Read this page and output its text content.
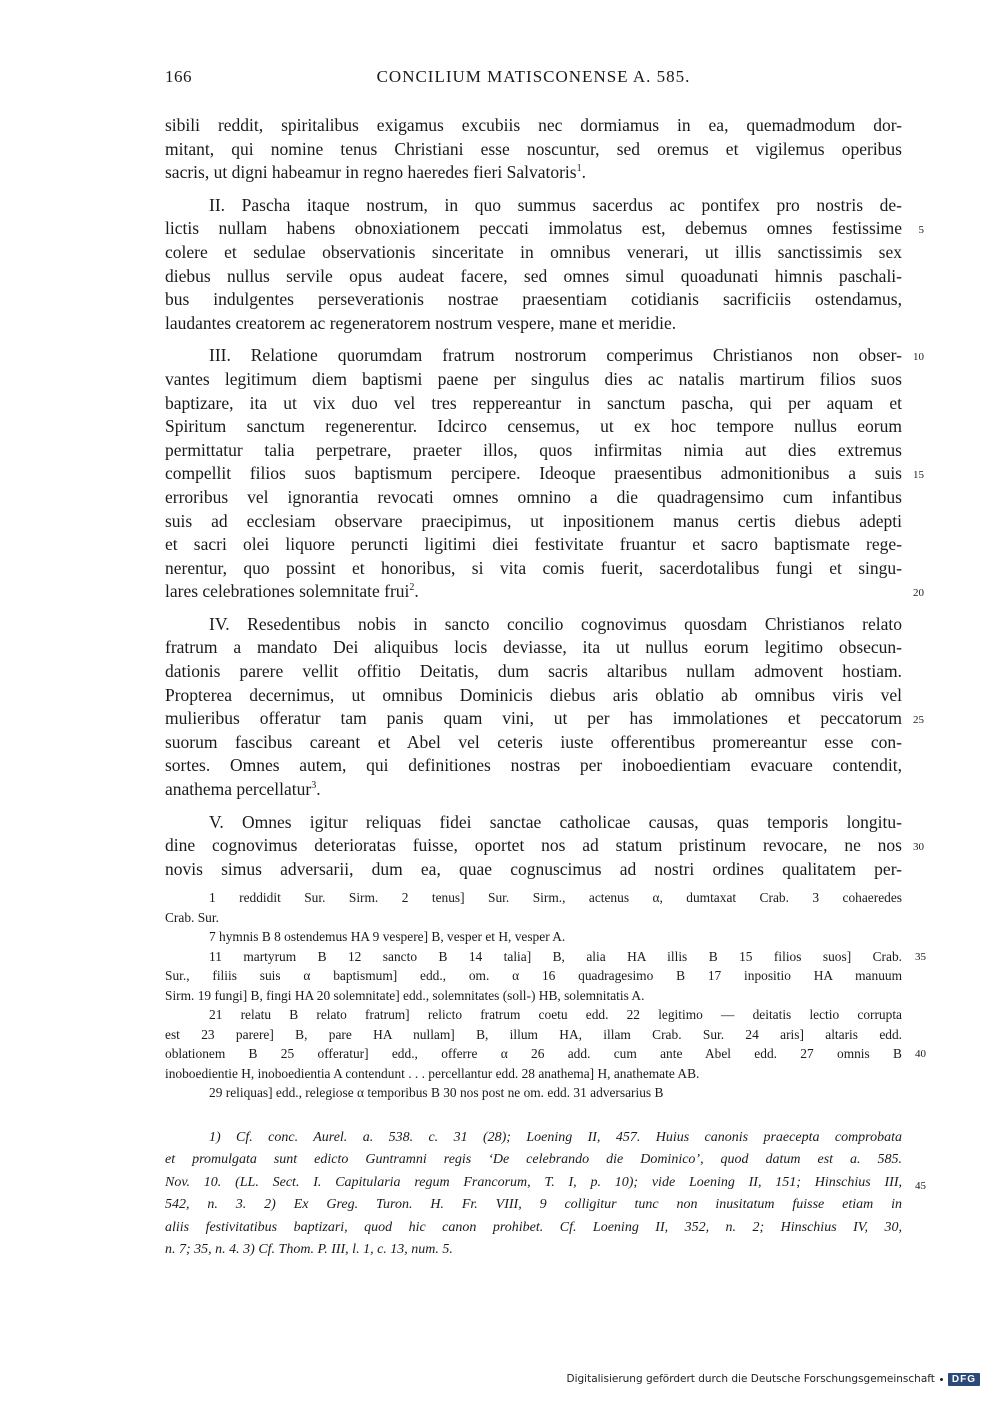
166	CONCILIUM MATISCONENSE A. 585.
sibili reddit, spiritalibus exigamus excubiis nec dormiamus in ea, quemadmodum dor-
mitant, qui nomine tenus Christiani esse noscuntur, sed oremus et vigilemus operibus
sacris, ut digni habeamur in regno haeredes fieri Salvatoris$^1$.
II. Pascha itaque nostrum, in quo summus sacerdus ac pontifex pro nostris de-
lictis nullam habens obnoxiationem peccati immolatus est, debemus omnes festissime	5
colere et sedulae observationis sinceritate in omnibus venerari, ut illis sanctissimis sex
diebus nullus servile opus audeat facere, sed omnes simul quoadunati himnis paschali-
bus indulgentes perseverationis nostrae praesentiam cotidianis sacrificiis ostendamus,
laudantes creatorem ac regeneratorem nostrum vespere, mane et meridie.
III. Relatione quorumdam fratrum nostrorum comperimus Christianos non obser-	10
vantes legitimum diem baptismi paene per singulus dies ac natalis martirum filios suos
baptizare, ita ut vix duo vel tres reppereantur in sanctum pascha, qui per aquam et
Spiritum sanctum regenerentur. Idcirco censemus, ut ex hoc tempore nullus eorum
permittatur talia perpetrare, praeter illos, quos infirmitas nimia aut dies extremus
compellit filios suos baptismum percipere. Ideoque praesentibus admonitionibus a suis	15
erroribus vel ignorantia revocati omnes omnino a die quadragensimo cum infantibus
suis ad ecclesiam observare praecipimus, ut inpositionem manus certis diebus adepti
et sacri olei liquore peruncti ligitimi diei festivitate fruantur et sacro baptismate rege-
nerentur, quo possint et honoribus, si vita comis fuerit, sacerdotalibus fungi et singu-
lares celebrationes solemnitate frui$^2$.	20
IV. Resedentibus nobis in sancto concilio cognovimus quosdam Christianos relato
fratrum a mandato Dei aliquibus locis deviasse, ita ut nullus eorum legitimo obsecun-
dationis parere vellit offitio Deitatis, dum sacris altaribus nullam admovent hostiam.
Propterea decernimus, ut omnibus Dominicis diebus aris oblatio ab omnibus viris vel
mulieribus offeratur tam panis quam vini, ut per has immolationes et peccatorum	25
suorum fascibus careant et Abel vel ceteris iuste offerentibus promereantur esse con-
sortes. Omnes autem, qui definitiones nostras per inoboedientiam evacuare contendit,
anathema percellatur$^3$.
V. Omnes igitur reliquas fidei sanctae catholicae causas, quas temporis longitu-
dine cognovimus deterioratas fuisse, oportet nos ad statum pristinum revocare, ne nos	30
novis simus adversarii, dum ea, quae cognuscimus ad nostri ordines qualitatem per-
1 reddidit Sur. Sirm. 2 tenus] Sur. Sirm., actenus α, dumtaxat Crab. 3 cohaeredes
Crab. Sur.
7 hymnis B 8 ostendemus HA 9 vespere] B, vesper et H, vesper A.
11 martyrum B 12 sancto B 14 talia] B, alia HA illis B 15 filios suos] Crab.	35
Sur., filiis suis α baptismum] edd., om. α 16 quadragesimo B 17 inpositio HA manuum
Sirm. 19 fungi] B, fingi HA 20 solemnitate] edd., solemnitates (soll-) HB, solemnitatis A.
21 relatu B relato fratrum] relicto fratrum coetu edd. 22 legitimo — deitatis lectio corrupta
est 23 parere] B, pare HA nullam] B, illum HA, illam Crab. Sur. 24 aris] altaris edd.
oblationem B 25 offeratur] edd., offerre α 26 add. cum ante Abel edd. 27 omnis B	40
inoboedientie H, inoboedientia A contendunt . . . percellantur edd. 28 anathema] H, anathemate AB.
29 reliquas] edd., relegiose α temporibus B 30 nos post ne om. edd. 31 adversarius B
1) Cf. conc. Aurel. a. 538. c. 31 (28); Loening II, 457. Huius canonis praecepta comprobata
et promulgata sunt edicto Guntramni regis ‘De celebrando die Dominico’, quod datum est a. 585.
Nov. 10. (LL. Sect. I. Capitularia regum Francorum, T. I, p. 10); vide Loening II, 151; Hinschius III,	45
542, n. 3. 2) Ex Greg. Turon. H. Fr. VIII, 9 colligitur tunc non inusitatum fuisse etiam in
aliis festivitatibus baptizari, quod hic canon prohibet. Cf. Loening II, 352, n. 2; Hinschius IV, 30,
n. 7; 35, n. 4. 3) Cf. Thom. P. III, l. 1, c. 13, num. 5.
Digitalisierung gefördert durch die Deutsche Forschungsgemeinschaft	DFG
